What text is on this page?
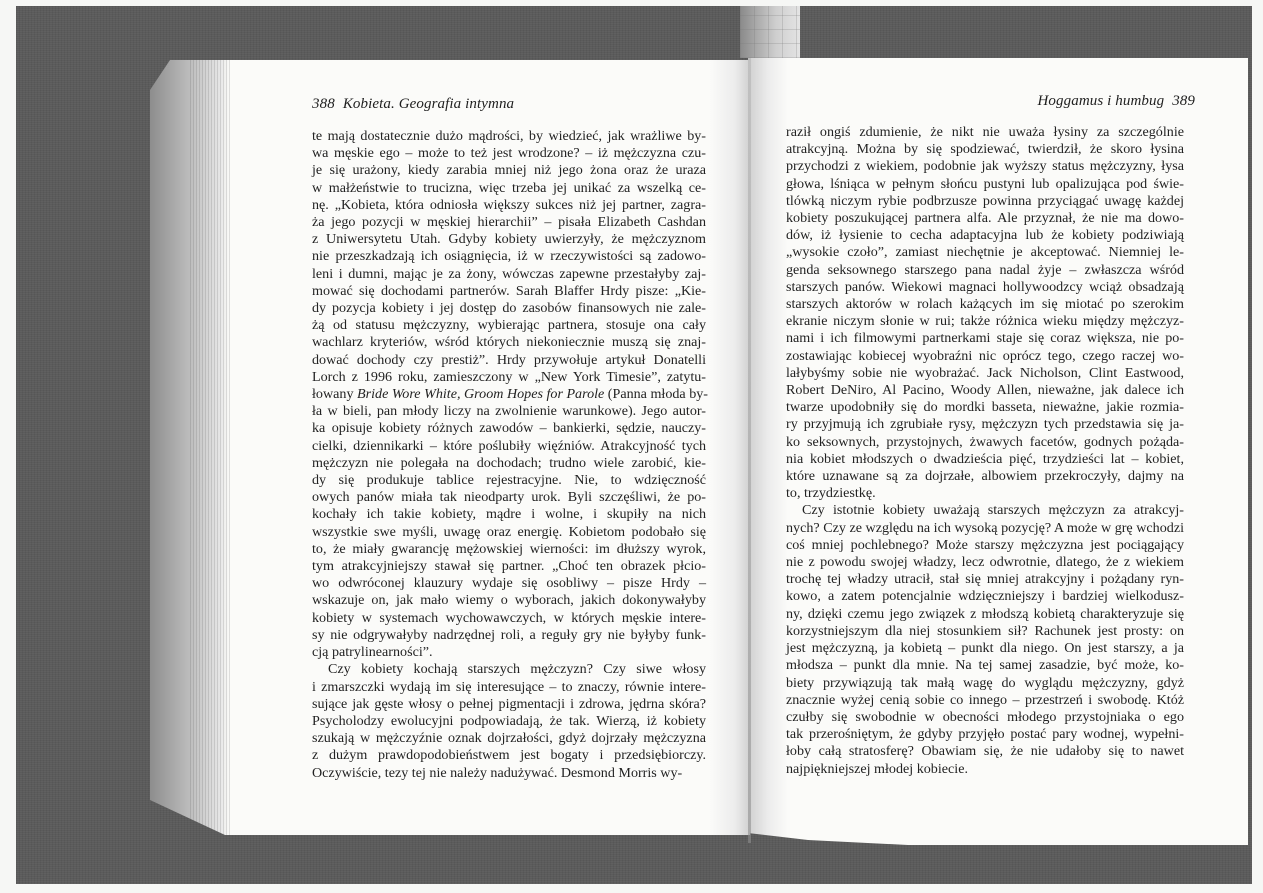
388 Kobieta. Geografia intymna	Hoggamus i humbug 389
te mają dostatecznie dużo mądrości, by wiedzieć, jak wrażliwe by-
wa męskie ego – może to też jest wrodzone? – iż mężczyzna czu-
je się urażony, kiedy zarabia mniej niż jego żona oraz że uraza
w małżeństwie to trucizna, więc trzeba jej unikać za wszelką ce-
nę. „Kobieta, która odniosła większy sukces niż jej partner, zagra-
ża jego pozycji w męskiej hierarchii” – pisała Elizabeth Cashdan
z Uniwersytetu Utah. Gdyby kobiety uwierzyły, że mężczyznom
nie przeszkadzają ich osiągnięcia, iż w rzeczywistości są zadowo-
leni i dumni, mając je za żony, wówczas zapewne przestałyby zaj-
mować się dochodami partnerów. Sarah Blaffer Hrdy pisze: „Kie-
dy pozycja kobiety i jej dostęp do zasobów finansowych nie zale-
żą od statusu mężczyzny, wybierając partnera, stosuje ona cały
wachlarz kryteriów, wśród których niekoniecznie muszą się znaj-
dować dochody czy prestiż”. Hrdy przywołuje artykuł Donatelli
Lorch z 1996 roku, zamieszczony w „New York Timesie”, zatytu-
łowany Bride Wore White, Groom Hopes for Parole (Panna młoda by-
ła w bieli, pan młody liczy na zwolnienie warunkowe). Jego autor-
ka opisuje kobiety różnych zawodów – bankierki, sędzie, nauczy-
cielki, dziennikarki – które poślubiły więźniów. Atrakcyjność tych
mężczyzn nie polegała na dochodach; trudno wiele zarobić, kie-
dy się produkuje tablice rejestracyjne. Nie, to wdzięczność
owych panów miała tak nieodparty urok. Byli szczęśliwi, że po-
kochały ich takie kobiety, mądre i wolne, i skupiły na nich
wszystkie swe myśli, uwagę oraz energię. Kobietom podobało się
to, że miały gwarancję mężowskiej wierności: im dłuższy wyrok,
tym atrakcyjniejszy stawał się partner. „Choć ten obrazek płcio-
wo odwróconej klauzury wydaje się osobliwy – pisze Hrdy –
wskazuje on, jak mało wiemy o wyborach, jakich dokonywałyby
kobiety w systemach wychowawczych, w których męskie intere-
sy nie odgrywałyby nadrzędnej roli, a reguły gry nie byłyby funk-
cją patrylinearności”.
Czy kobiety kochają starszych mężczyzn? Czy siwe włosy
i zmarszczki wydają im się interesujące – to znaczy, równie intere-
sujące jak gęste włosy o pełnej pigmentacji i zdrowa, jędrna skóra?
Psycholodzy ewolucyjni podpowiadają, że tak. Wierzą, iż kobiety
szukają w mężczyźnie oznak dojrzałości, gdyż dojrzały mężczyzna
z dużym prawdopodobieństwem jest bogaty i przedsiębiorczy.
Oczywiście, tezy tej nie należy nadużywać. Desmond Morris wy-
raził ongiś zdumienie, że nikt nie uważa łysiny za szczególnie
atrakcyjną. Można by się spodziewać, twierdził, że skoro łysina
przychodzi z wiekiem, podobnie jak wyższy status mężczyzny, łysa
głowa, lśniąca w pełnym słońcu pustyni lub opalizująca pod świe-
tlówką niczym rybie podbrzusze powinna przyciągać uwagę każdej
kobiety poszukującej partnera alfa. Ale przyznał, że nie ma dowo-
dów, iż łysienie to cecha adaptacyjna lub że kobiety podziwiają
„wysokie czoło”, zamiast niechętnie je akceptować. Niemniej le-
genda seksownego starszego pana nadal żyje – zwłaszcza wśród
starszych panów. Wiekowi magnaci hollywoodzcy wciąż obsadzają
starszych aktorów w rolach każących im się miotać po szerokim
ekranie niczym słonie w rui; także różnica wieku między mężczyz-
nami i ich filmowymi partnerkami staje się coraz większa, nie po-
zostawiając kobiecej wyobraźni nic oprócz tego, czego raczej wo-
lałybyśmy sobie nie wyobrażać. Jack Nicholson, Clint Eastwood,
Robert DeNiro, Al Pacino, Woody Allen, nieważne, jak dalece ich
twarze upodobniły się do mordki basseta, nieważne, jakie rozmia-
ry przyjmują ich zgrubiałe rysy, mężczyzn tych przedstawia się ja-
ko seksownych, przystojnych, żwawych facetów, godnych pożąda-
nia kobiet młodszych o dwadzieścia pięć, trzydzieści lat – kobiet,
które uznawane są za dojrzałe, albowiem przekroczyły, dajmy na
to, trzydziestkę.
Czy istotnie kobiety uważają starszych mężczyzn za atrakcyj-
nych? Czy ze względu na ich wysoką pozycję? A może w grę wchodzi
coś mniej pochlebnego? Może starszy mężczyzna jest pociągający
nie z powodu swojej władzy, lecz odwrotnie, dlatego, że z wiekiem
trochę tej władzy utracił, stał się mniej atrakcyjny i pożądany ryn-
kowo, a zatem potencjalnie wdzięczniejszy i bardziej wielkodusz-
ny, dzięki czemu jego związek z młodszą kobietą charakteryzuje się
korzystniejszym dla niej stosunkiem sił? Rachunek jest prosty: on
jest mężczyzną, ja kobietą – punkt dla niego. On jest starszy, a ja
młodsza – punkt dla mnie. Na tej samej zasadzie, być może, ko-
biety przywiązują tak małą wagę do wyglądu mężczyzny, gdyż
znacznie wyżej cenią sobie co innego – przestrzeń i swobodę. Któż
czułby się swobodnie w obecności młodego przystojniaka o ego
tak przerośniętym, że gdyby przyjęło postać pary wodnej, wypełni-
łoby całą stratosferę? Obawiam się, że nie udałoby się to nawet
najpiękniejszej młodej kobiecie.
